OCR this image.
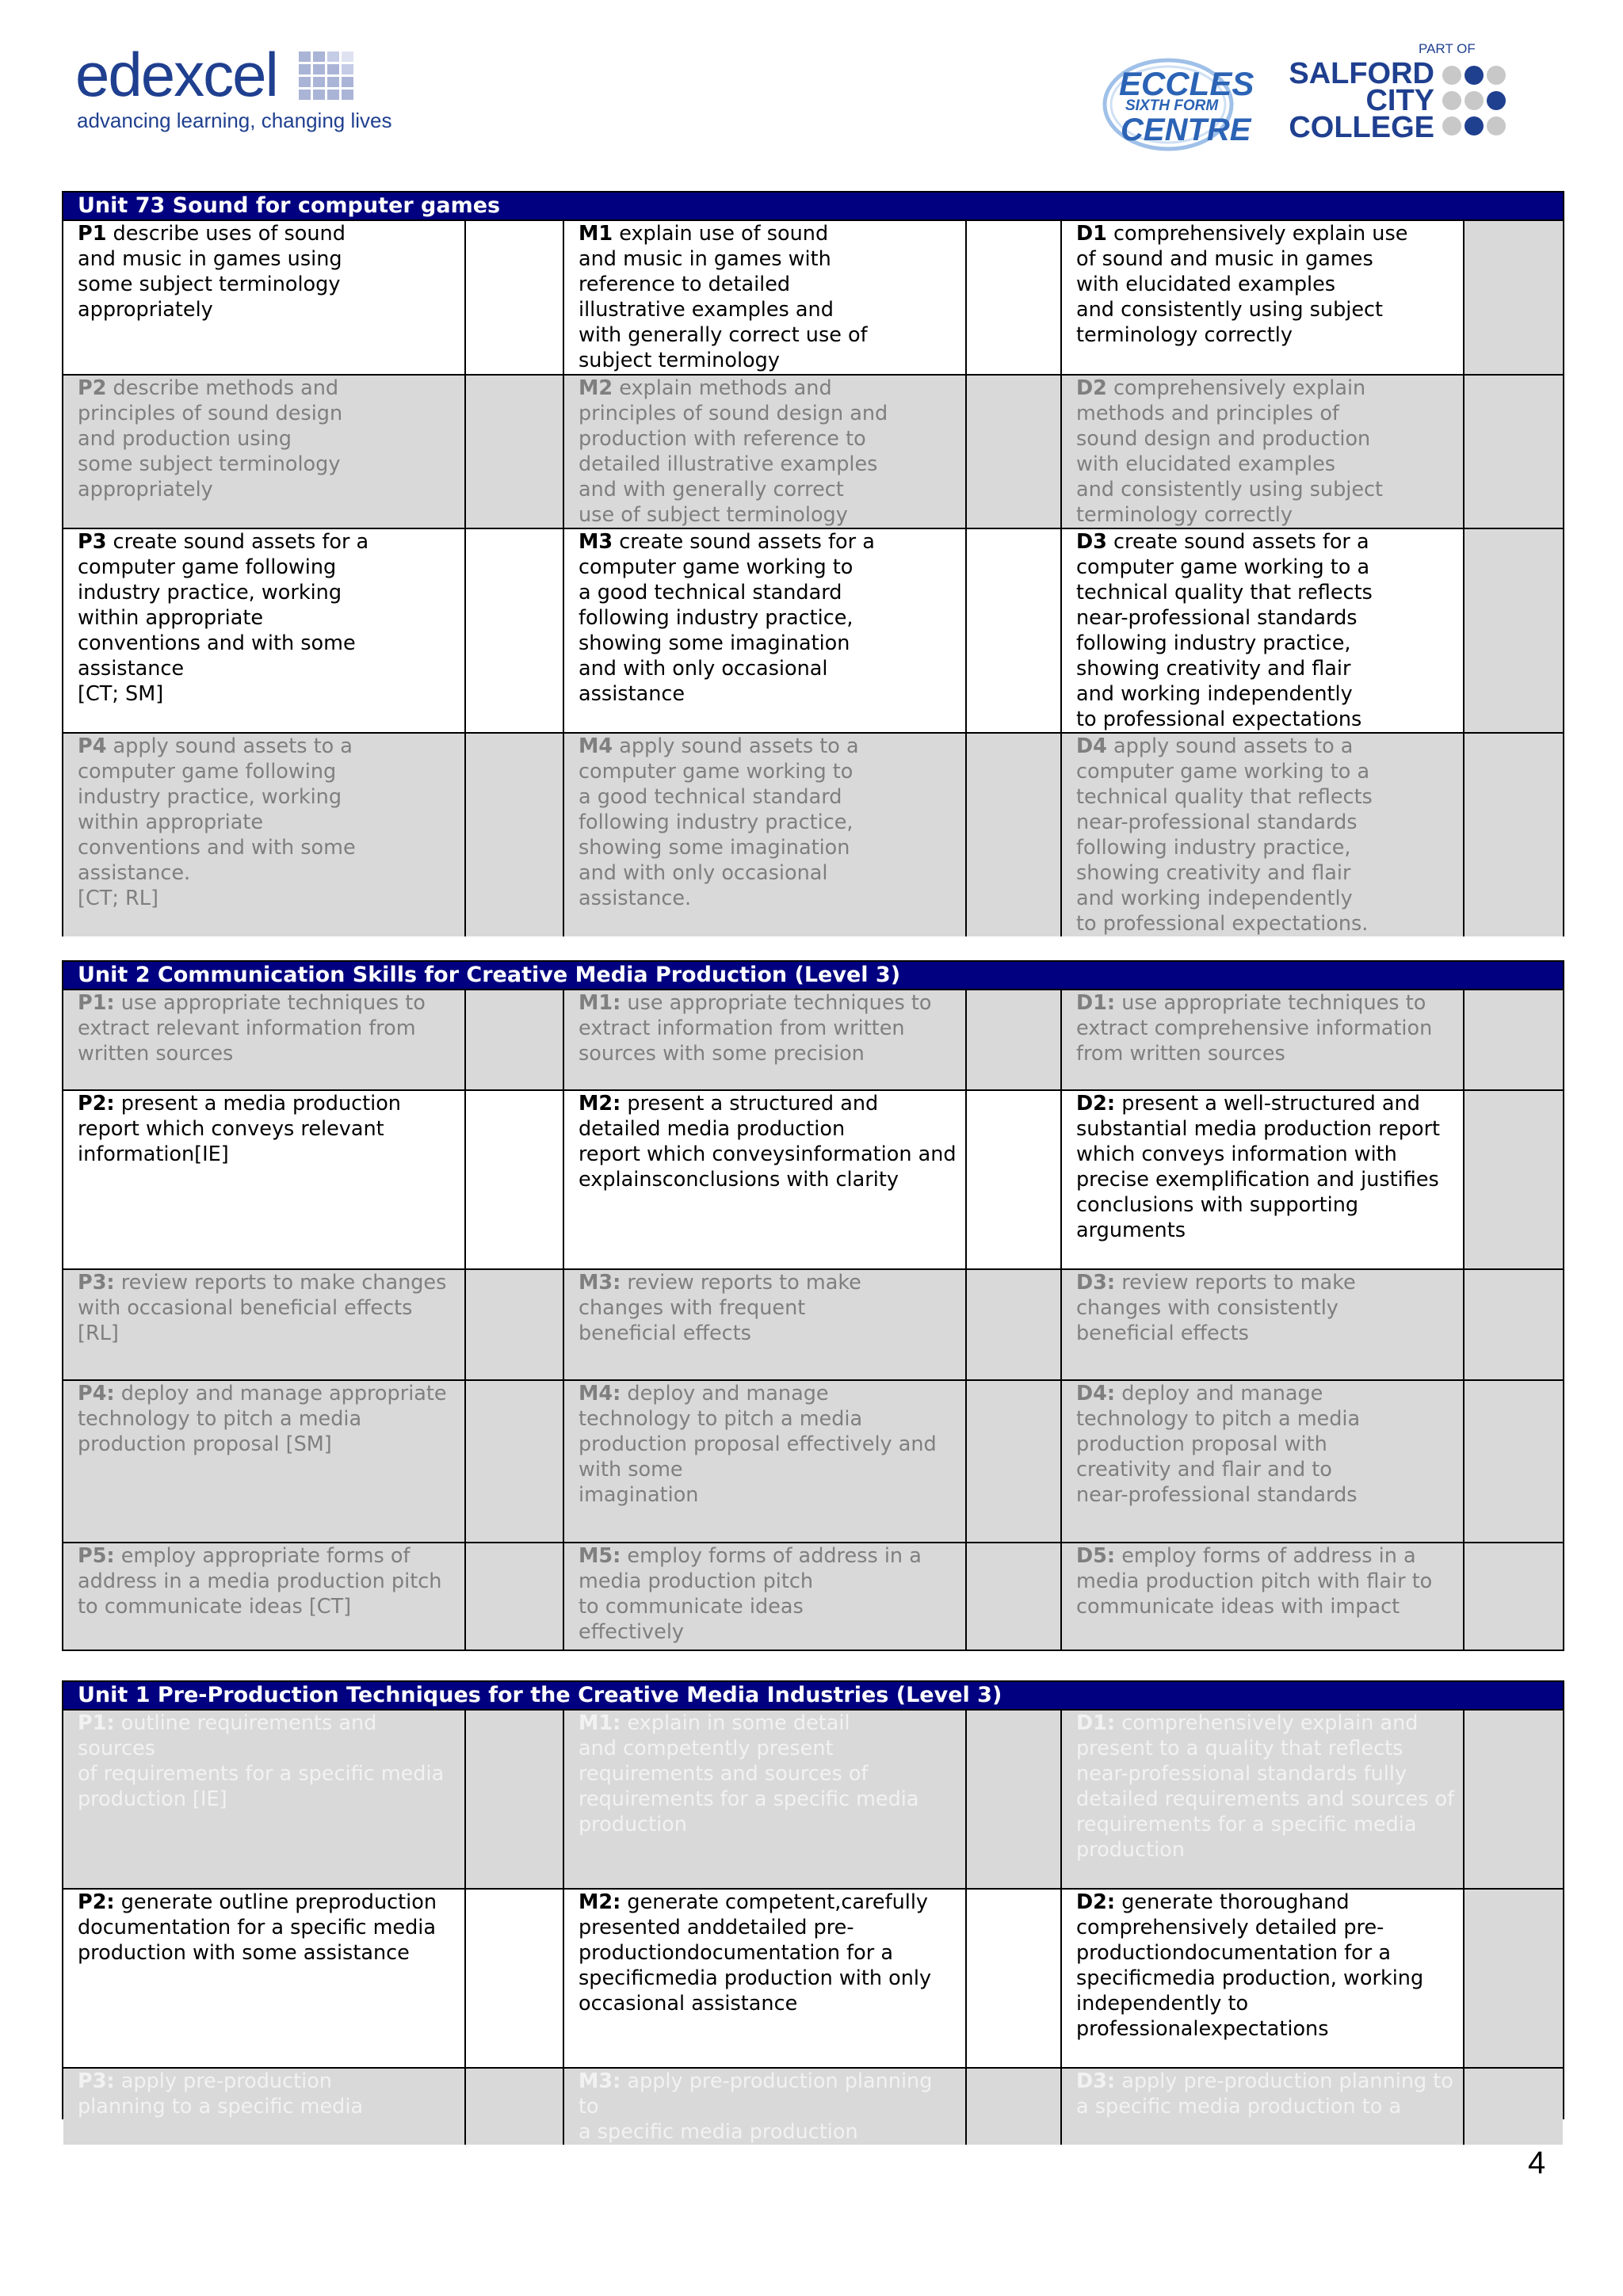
edexcel
advancing learning, changing lives
ECCLES
SIXTH FORM
CENTRE
PART OF
SALFORD
CITY
COLLEGE
Unit 73 Sound for computer games
P1 describe uses of sound
and music in games using
some subject terminology
appropriately
M1 explain use of sound
and music in games with
reference to detailed
illustrative examples and
with generally correct use of
subject terminology
D1 comprehensively explain use
of sound and music in games
with elucidated examples
and consistently using subject
terminology correctly
P2 describe methods and
principles of sound design
and production using
some subject terminology
appropriately
M2 explain methods and
principles of sound design and
production with reference to
detailed illustrative examples
and with generally correct
use of subject terminology
D2 comprehensively explain
methods and principles of
sound design and production
with elucidated examples
and consistently using subject
terminology correctly
P3 create sound assets for a
computer game following
industry practice, working
within appropriate
conventions and with some
assistance
[CT; SM]
M3 create sound assets for a
computer game working to
a good technical standard
following industry practice,
showing some imagination
and with only occasional
assistance
D3 create sound assets for a
computer game working to a
technical quality that reflects
near-professional standards
following industry practice,
showing creativity and flair
and working independently
to professional expectations
P4 apply sound assets to a
computer game following
industry practice, working
within appropriate
conventions and with some
assistance.
[CT; RL]
M4 apply sound assets to a
computer game working to
a good technical standard
following industry practice,
showing some imagination
and with only occasional
assistance.
D4 apply sound assets to a
computer game working to a
technical quality that reflects
near-professional standards
following industry practice,
showing creativity and flair
and working independently
to professional expectations.
Unit 2 Communication Skills for Creative Media Production (Level 3)
P1: use appropriate techniques to
extract relevant information from
written sources
M1: use appropriate techniques to
extract information from written
sources with some precision
D1: use appropriate techniques to
extract comprehensive information
from written sources
P2: present a media production
report which conveys relevant
information[IE]
M2: present a structured and
detailed media production
report which conveysinformation and
explainsconclusions with clarity
D2: present a well-structured and
substantial media production report
which conveys information with
precise exemplification and justifies
conclusions with supporting
arguments
P3: review reports to make changes
with occasional beneficial effects
[RL]
M3: review reports to make
changes with frequent
beneficial effects
D3: review reports to make
changes with consistently
beneficial effects
P4: deploy and manage appropriate
technology to pitch a media
production proposal [SM]
M4: deploy and manage
technology to pitch a media
production proposal effectively and
with some
imagination
D4: deploy and manage
technology to pitch a media
production proposal with
creativity and flair and to
near-professional standards
P5: employ appropriate forms of
address in a media production pitch
to communicate ideas [CT]
M5: employ forms of address in a
media production pitch
to communicate ideas
effectively
D5: employ forms of address in a
media production pitch with flair to
communicate ideas with impact
Unit 1 Pre-Production Techniques for the Creative Media Industries (Level 3)
P1: outline requirements and sources
of requirements for a specific media
production [IE]
M1: explain in some detail
and competently present
requirements and sources of
requirements for a specific media
production
D1: comprehensively explain and
present to a quality that reflects
near-professional standards fully
detailed requirements and sources of
requirements for a specific media
production
P2: generate outline preproduction
documentation for a specific media
production with some assistance
M2: generate competent,carefully
presented anddetailed pre-
productiondocumentation for a
specificmedia production with only
occasional assistance
D2: generate thoroughand
comprehensively detailed pre-
productiondocumentation for a
specificmedia production, working
independently to
professionalexpectations
P3: apply pre-production
planning to a specific media
M3: apply pre-production planning to
a specific media production
D3: apply pre-production planning to
a specific media production to a
4
